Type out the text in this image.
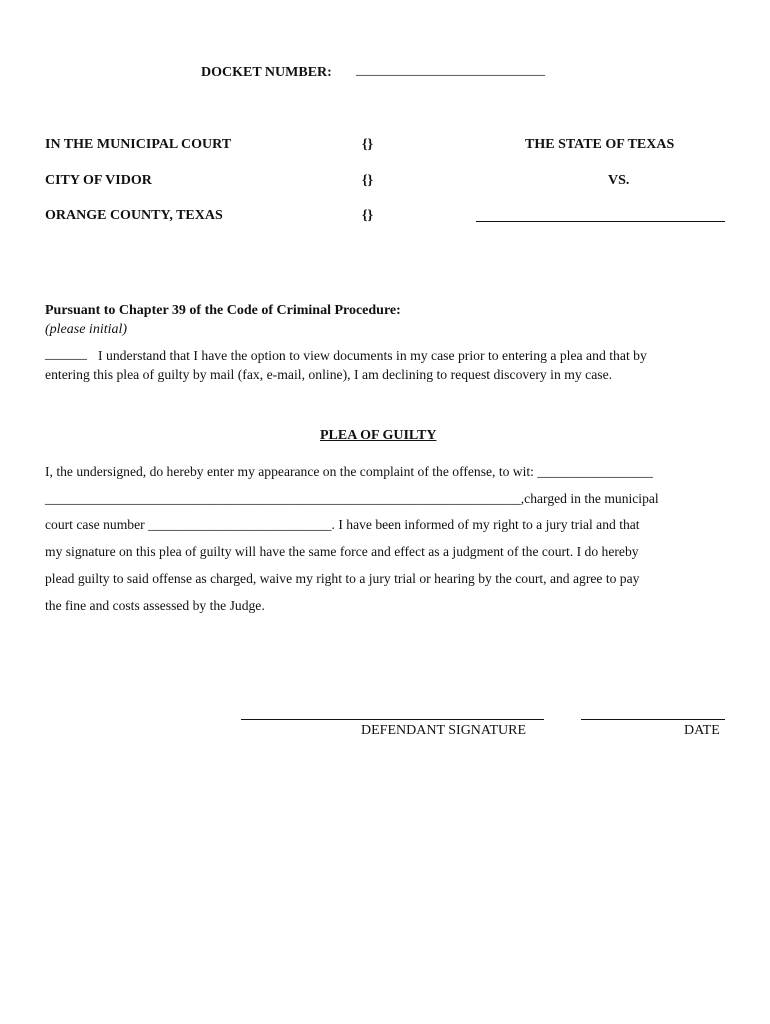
DOCKET NUMBER: ___________________________
IN THE MUNICIPAL COURT	{}	THE STATE OF TEXAS
CITY OF VIDOR	{}	VS.
ORANGE COUNTY, TEXAS	{}
Pursuant to Chapter 39 of the Code of Criminal Procedure:
(please initial)
______ I understand that I have the option to view documents in my case prior to entering a plea and that by
entering this plea of guilty by mail (fax, e-mail, online), I am declining to request discovery in my case.
PLEA OF GUILTY
I, the undersigned, do hereby enter my appearance on the complaint of the offense, to wit: _________________
______________________________________________________________________,charged in the municipal
court case number ___________________________. I have been informed of my right to a jury trial and that
my signature on this plea of guilty will have the same force and effect as a judgment of the court. I do hereby
plead guilty to said offense as charged, waive my right to a jury trial or hearing by the court, and agree to pay
the fine and costs assessed by the Judge.
DEFENDANT SIGNATURE	DATE
